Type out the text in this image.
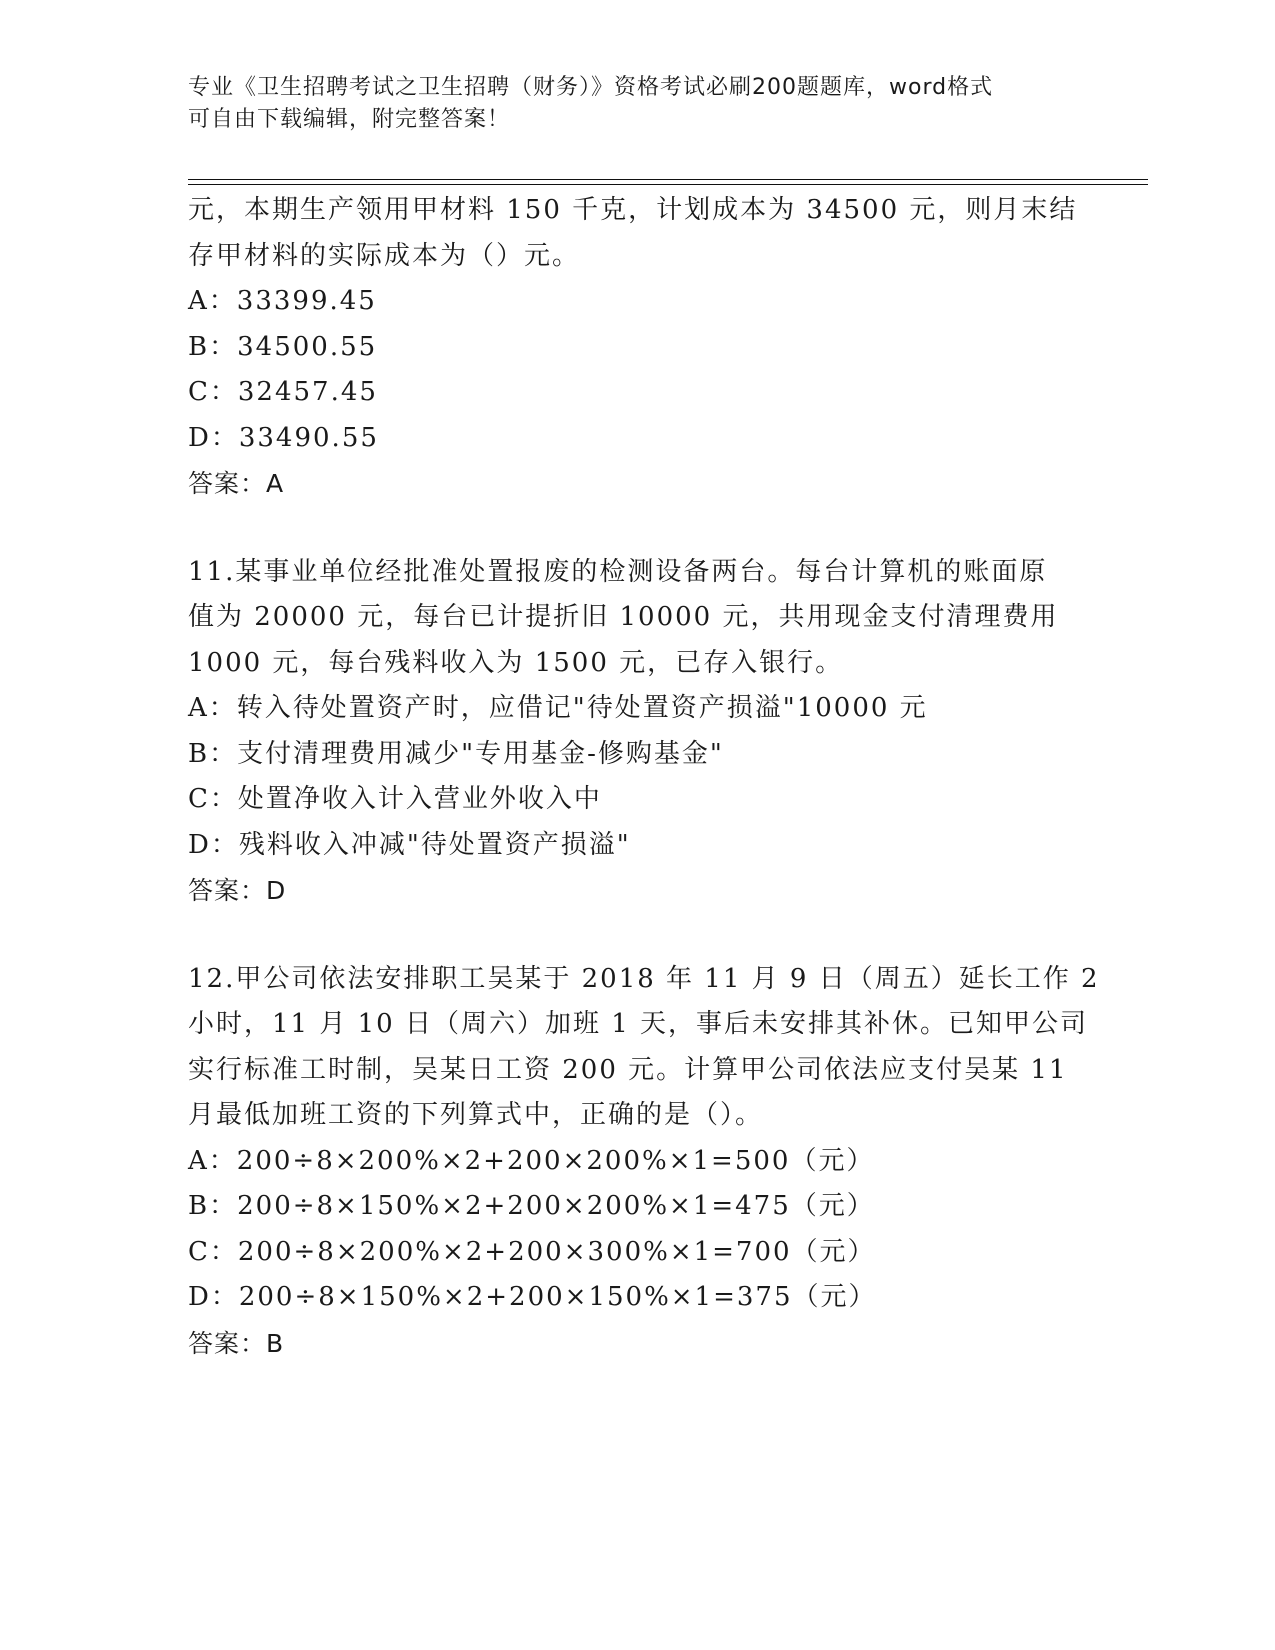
专业《卫生招聘考试之卫生招聘（财务）》资格考试必刷200题题库，word格式
可自由下载编辑，附完整答案！
元，本期生产领用甲材料 150 千克，计划成本为 34500 元，则月末结
存甲材料的实际成本为（）元。
A：33399.45
B：34500.55
C：32457.45
D：33490.55
答案：A
11.某事业单位经批准处置报废的检测设备两台。每台计算机的账面原
值为 20000 元，每台已计提折旧 10000 元，共用现金支付清理费用
1000 元，每台残料收入为 1500 元，已存入银行。
A：转入待处置资产时，应借记"待处置资产损溢"10000 元
B：支付清理费用减少"专用基金-修购基金"
C：处置净收入计入营业外收入中
D：残料收入冲减"待处置资产损溢"
答案：D
12.甲公司依法安排职工吴某于 2018 年 11 月 9 日（周五）延长工作 2
小时，11 月 10 日（周六）加班 1 天，事后未安排其补休。已知甲公司
实行标准工时制，吴某日工资 200 元。计算甲公司依法应支付吴某 11
月最低加班工资的下列算式中，正确的是（）。
A：200÷8×200%×2+200×200%×1=500（元）
B：200÷8×150%×2+200×200%×1=475（元）
C：200÷8×200%×2+200×300%×1=700（元）
D：200÷8×150%×2+200×150%×1=375（元）
答案：B
